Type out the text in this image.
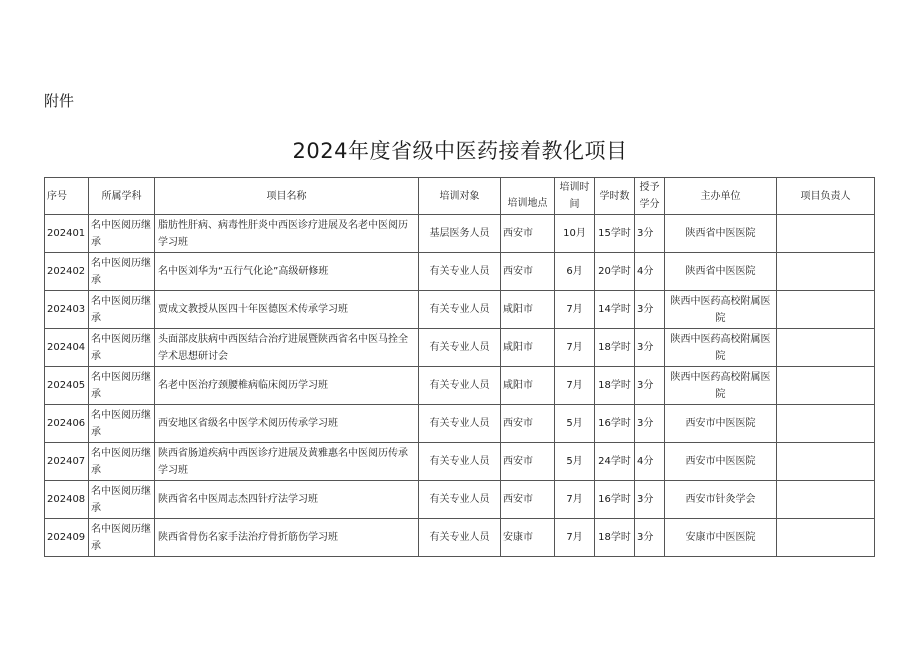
附件
2024年度省级中医药接着教化项目
序号	所属学科	项目名称	培训对象	培训地点	培训时间	学时数	授予学分	主办单位	项目负责人
202401	名中医阅历继承	脂肪性肝病、病毒性肝炎中西医诊疗进展及名老中医阅历学习班	基层医务人员	西安市	10月	15学时	3分	陕西省中医医院	
202402	名中医阅历继承	名中医刘华为“五行气化论”高级研修班	有关专业人员	西安市	6月	20学时	4分	陕西省中医医院	
202403	名中医阅历继承	贾成文教授从医四十年医德医术传承学习班	有关专业人员	咸阳市	7月	14学时	3分	陕西中医药高校附属医院	
202404	名中医阅历继承	头面部皮肤病中西医结合治疗进展暨陕西省名中医马拴全学术思想研讨会	有关专业人员	咸阳市	7月	18学时	3分	陕西中医药高校附属医院	
202405	名中医阅历继承	名老中医治疗颈腰椎病临床阅历学习班	有关专业人员	咸阳市	7月	18学时	3分	陕西中医药高校附属医院	
202406	名中医阅历继承	西安地区省级名中医学术阅历传承学习班	有关专业人员	西安市	5月	16学时	3分	西安市中医医院	
202407	名中医阅历继承	陕西省肠道疾病中西医诊疗进展及黄雅惠名中医阅历传承学习班	有关专业人员	西安市	5月	24学时	4分	西安市中医医院	
202408	名中医阅历继承	陕西省名中医周志杰四针疗法学习班	有关专业人员	西安市	7月	16学时	3分	西安市针灸学会	
202409	名中医阅历继承	陕西省骨伤名家手法治疗骨折筋伤学习班	有关专业人员	安康市	7月	18学时	3分	安康市中医医院	
